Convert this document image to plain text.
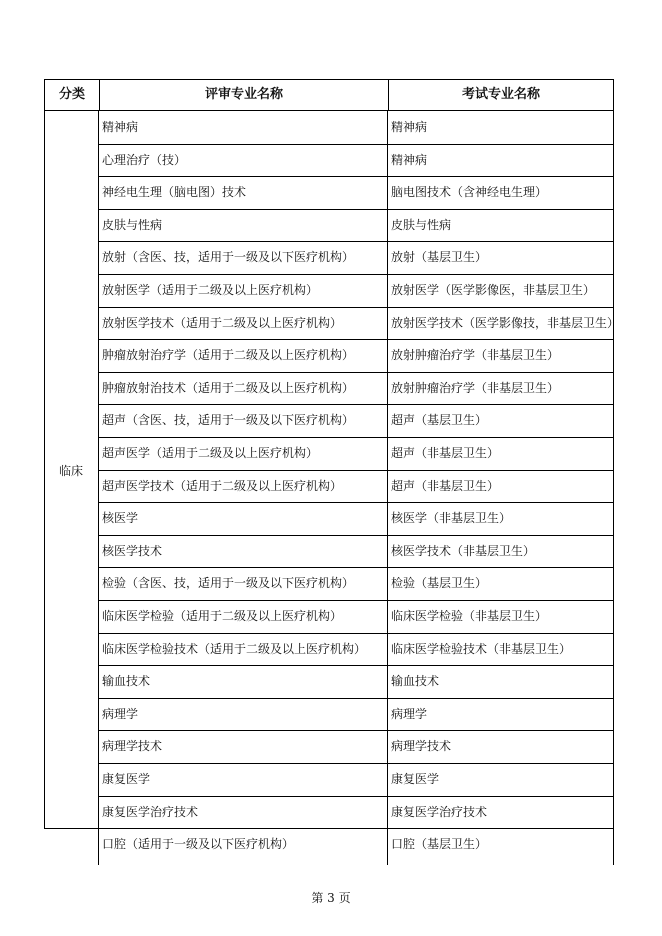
分类	评审专业名称	考试专业名称
精神病	精神病
心理治疗（技）	精神病
神经电生理（脑电图）技术	脑电图技术（含神经电生理）
皮肤与性病	皮肤与性病
放射（含医、技，适用于一级及以下医疗机构）	放射（基层卫生）
放射医学（适用于二级及以上医疗机构）	放射医学（医学影像医，非基层卫生）
放射医学技术（适用于二级及以上医疗机构）	放射医学技术（医学影像技，非基层卫生）
肿瘤放射治疗学（适用于二级及以上医疗机构）	放射肿瘤治疗学（非基层卫生）
肿瘤放射治技术（适用于二级及以上医疗机构）	放射肿瘤治疗学（非基层卫生）
超声（含医、技，适用于一级及以下医疗机构）	超声（基层卫生）
超声医学（适用于二级及以上医疗机构）	超声（非基层卫生）
超声医学技术（适用于二级及以上医疗机构）	超声（非基层卫生）
核医学	核医学（非基层卫生）
核医学技术	核医学技术（非基层卫生）
检验（含医、技，适用于一级及以下医疗机构）	检验（基层卫生）
临床医学检验（适用于二级及以上医疗机构）	临床医学检验（非基层卫生）
临床医学检验技术（适用于二级及以上医疗机构） 临床医学检验技术（非基层卫生）
输血技术	输血技术
病理学	病理学
病理学技术	病理学技术
康复医学	康复医学
康复医学治疗技术	康复医学治疗技术
口腔（适用于一级及以下医疗机构）	口腔（基层卫生）
临床
第 3 页
